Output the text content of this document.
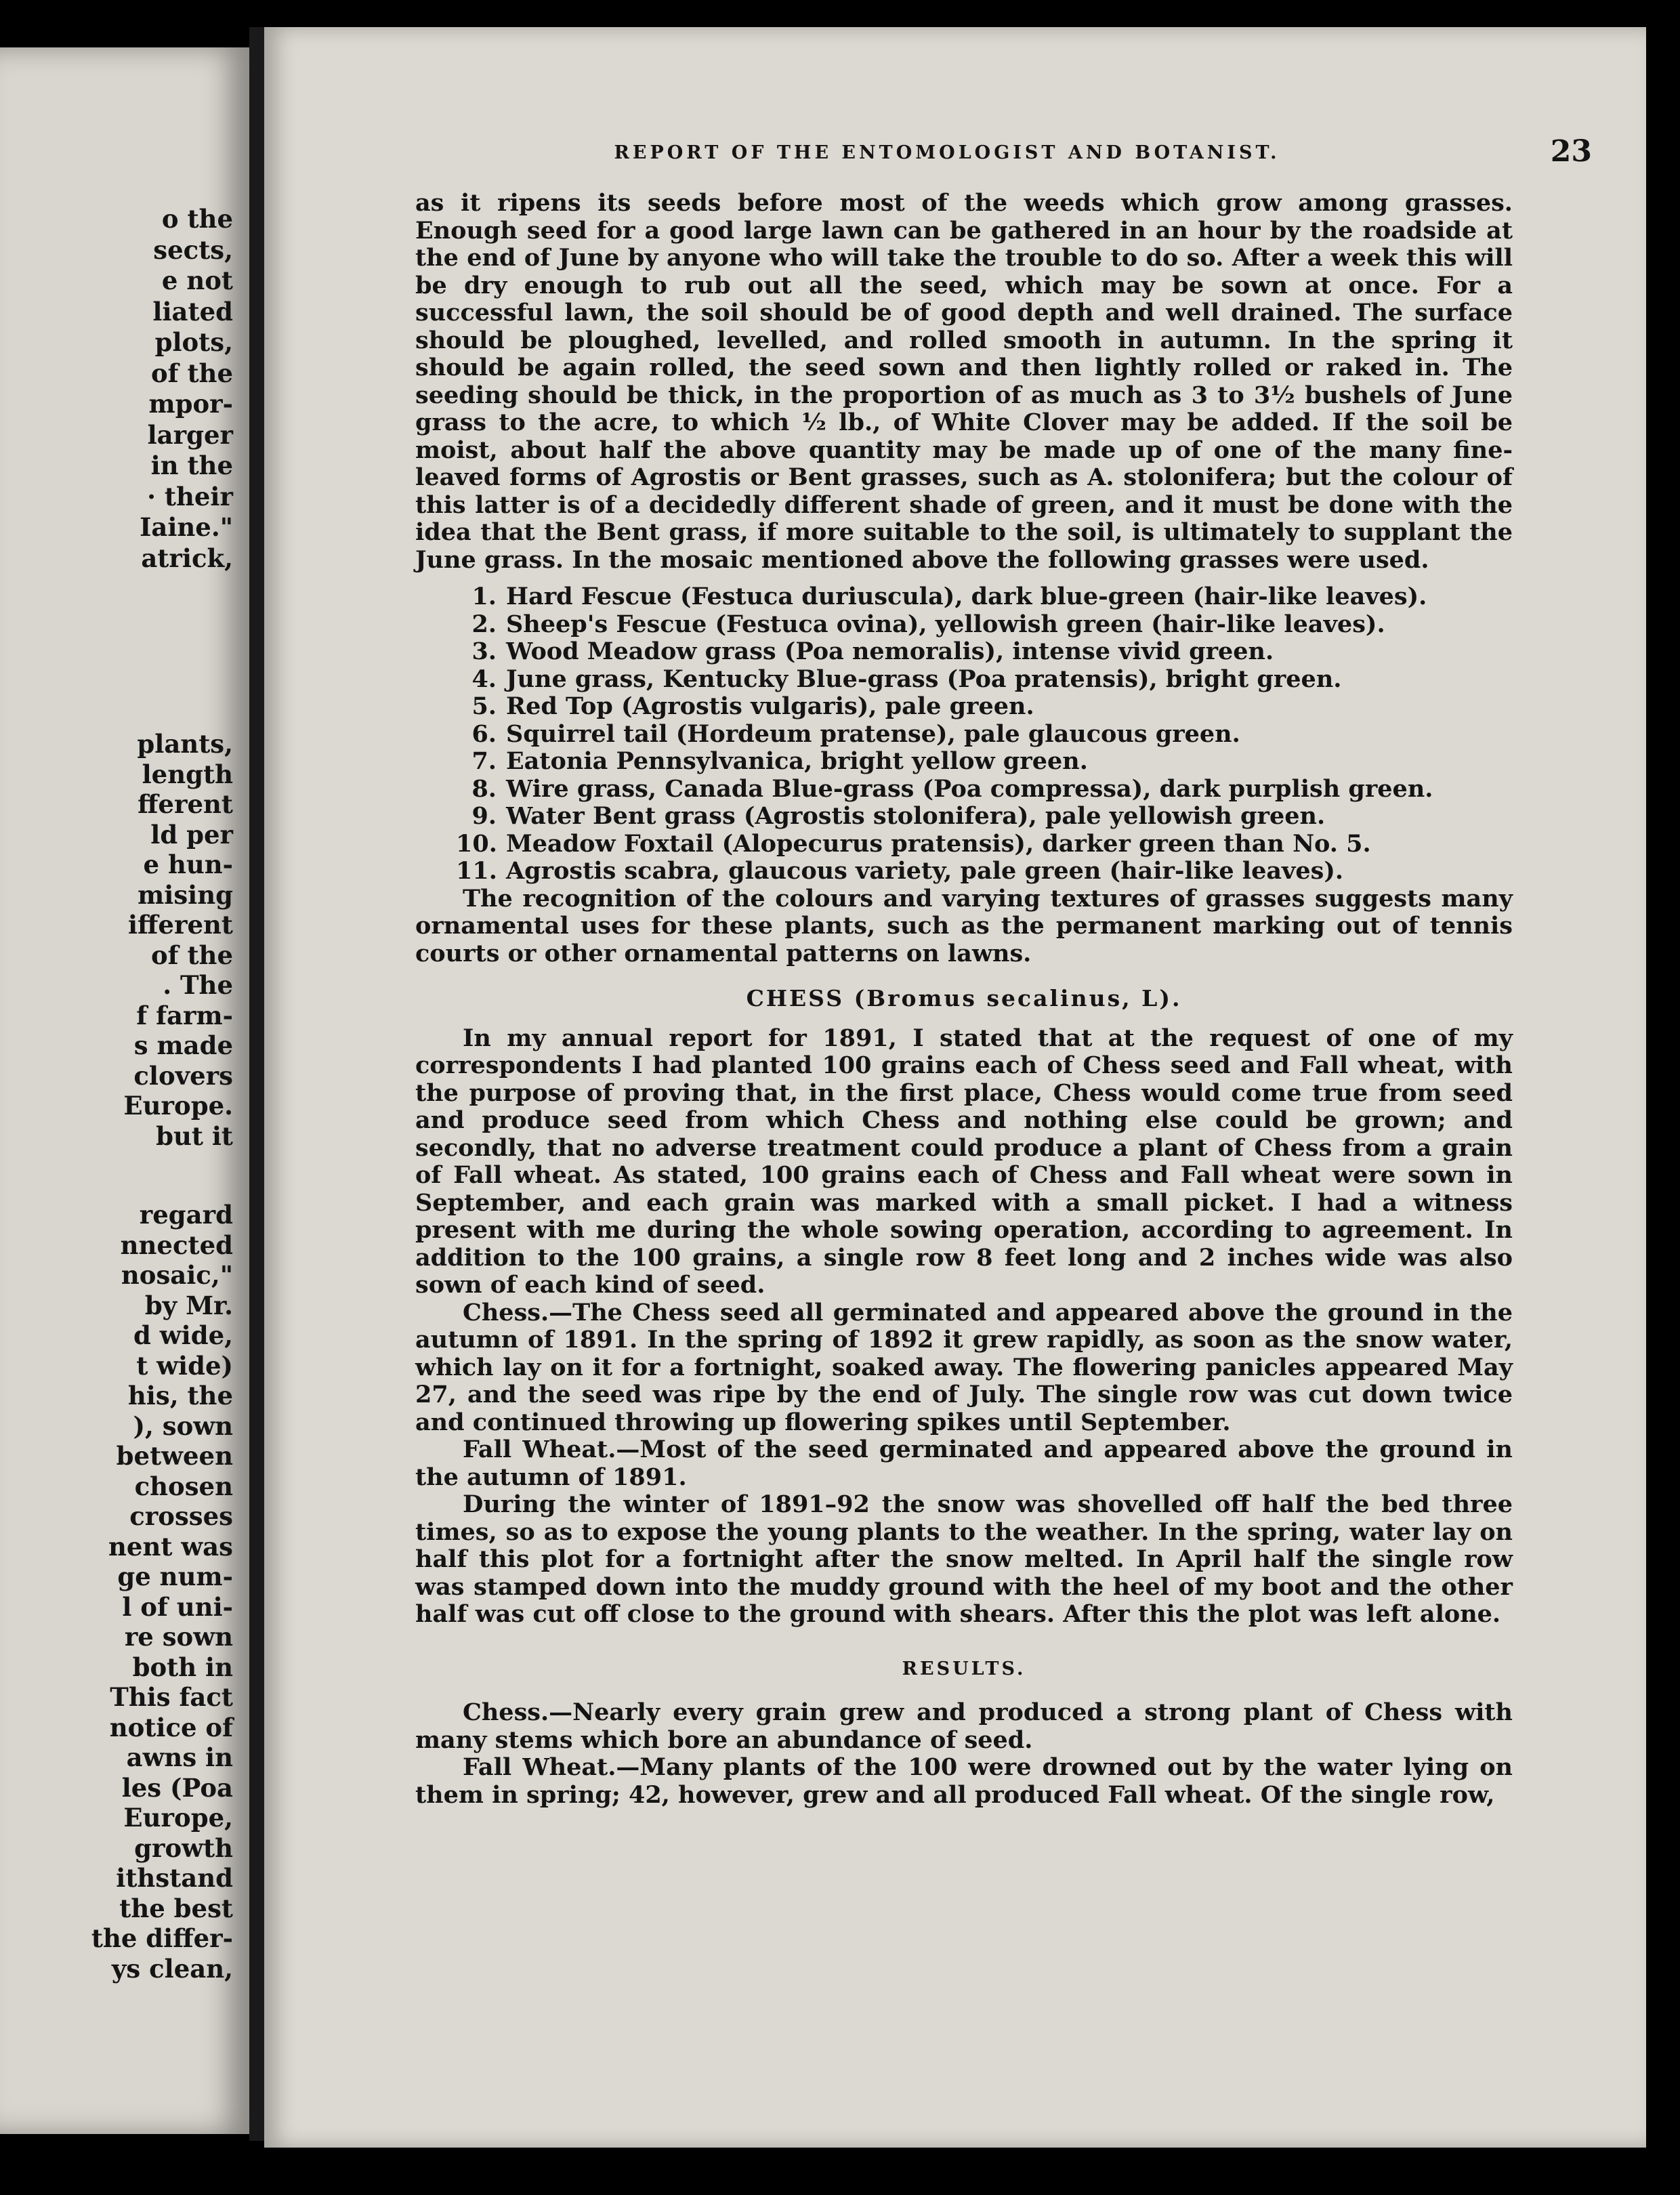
o the
sects,
e not
liated
plots,
of the
mpor-
larger
in the
· their
Iaine."
atrick,
plants,
length
fferent
ld per
e hun-
mising
ifferent
of the
. The
f farm-
s made
clovers
Europe.
but it
regard
nnected
nosaic,"
by Mr.
d wide,
t wide)
his, the
), sown
between
chosen
crosses
nent was
ge num-
l of uni-
re sown
both in
This fact
notice of
awns in
les (Poa
Europe,
growth
ithstand
the best
the differ-
ys clean,
REPORT OF THE ENTOMOLOGIST AND BOTANIST.	23

as it ripens its seeds before most of the weeds which grow among grasses. Enough seed for a good large lawn can be gathered in an hour by the roadside at the end of June by anyone who will take the trouble to do so. After a week this will be dry enough to rub out all the seed, which may be sown at once. For a successful lawn, the soil should be of good depth and well drained. The surface should be ploughed, levelled, and rolled smooth in autumn. In the spring it should be again rolled, the seed sown and then lightly rolled or raked in. The seeding should be thick, in the proportion of as much as 3 to 3½ bushels of June grass to the acre, to which ½ lb., of White Clover may be added. If the soil be moist, about half the above quantity may be made up of one of the many fine-leaved forms of Agrostis or Bent grasses, such as A. stolonifera; but the colour of this latter is of a decidedly different shade of green, and it must be done with the idea that the Bent grass, if more suitable to the soil, is ultimately to supplant the June grass. In the mosaic mentioned above the following grasses were used.

1. Hard Fescue (Festuca duriuscula), dark blue-green (hair-like leaves).
2. Sheep's Fescue (Festuca ovina), yellowish green (hair-like leaves).
3. Wood Meadow grass (Poa nemoralis), intense vivid green.
4. June grass, Kentucky Blue-grass (Poa pratensis), bright green.
5. Red Top (Agrostis vulgaris), pale green.
6. Squirrel tail (Hordeum pratense), pale glaucous green.
7. Eatonia Pennsylvanica, bright yellow green.
8. Wire grass, Canada Blue-grass (Poa compressa), dark purplish green.
9. Water Bent grass (Agrostis stolonifera), pale yellowish green.
10. Meadow Foxtail (Alopecurus pratensis), darker green than No. 5.
11. Agrostis scabra, glaucous variety, pale green (hair-like leaves).

The recognition of the colours and varying textures of grasses suggests many ornamental uses for these plants, such as the permanent marking out of tennis courts or other ornamental patterns on lawns.

CHESS (Bromus secalinus, L).

In my annual report for 1891, I stated that at the request of one of my correspondents I had planted 100 grains each of Chess seed and Fall wheat, with the purpose of proving that, in the first place, Chess would come true from seed and produce seed from which Chess and nothing else could be grown; and secondly, that no adverse treatment could produce a plant of Chess from a grain of Fall wheat. As stated, 100 grains each of Chess and Fall wheat were sown in September, and each grain was marked with a small picket. I had a witness present with me during the whole sowing operation, according to agreement. In addition to the 100 grains, a single row 8 feet long and 2 inches wide was also sown of each kind of seed.

Chess.—The Chess seed all germinated and appeared above the ground in the autumn of 1891. In the spring of 1892 it grew rapidly, as soon as the snow water, which lay on it for a fortnight, soaked away. The flowering panicles appeared May 27, and the seed was ripe by the end of July. The single row was cut down twice and continued throwing up flowering spikes until September.

Fall Wheat.—Most of the seed germinated and appeared above the ground in the autumn of 1891.

During the winter of 1891–92 the snow was shovelled off half the bed three times, so as to expose the young plants to the weather. In the spring, water lay on half this plot for a fortnight after the snow melted. In April half the single row was stamped down into the muddy ground with the heel of my boot and the other half was cut off close to the ground with shears. After this the plot was left alone.

RESULTS.

Chess.—Nearly every grain grew and produced a strong plant of Chess with many stems which bore an abundance of seed.

Fall Wheat.—Many plants of the 100 were drowned out by the water lying on them in spring; 42, however, grew and all produced Fall wheat. Of the single row,
